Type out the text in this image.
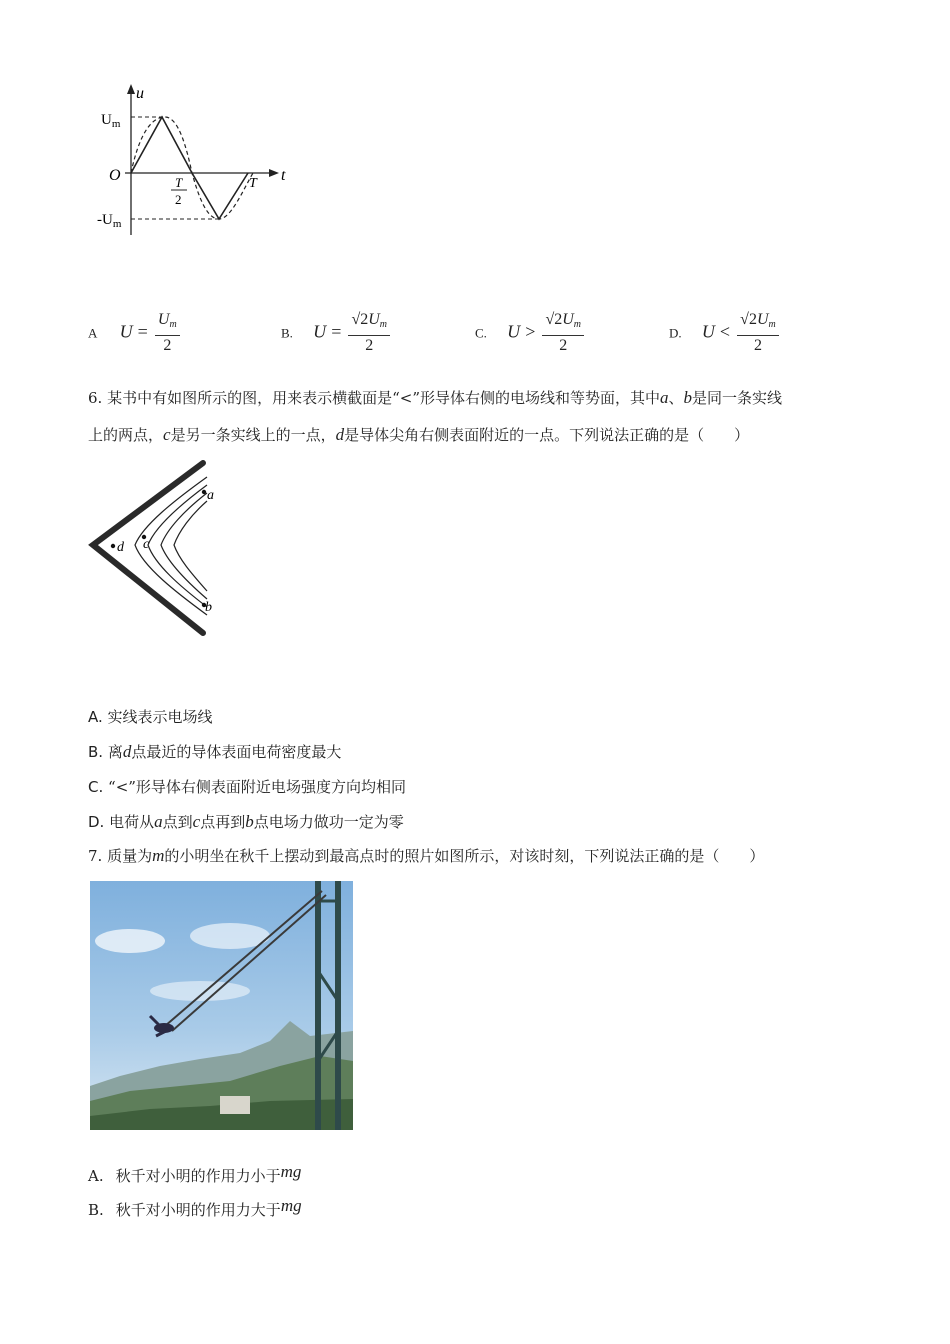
u
t
O
$U_m$
$-U_m$
T
2
T
A $U = \frac{U_m}{2}$	B. $U = \frac{√2U_m}{2}$	C. $U > \frac{√2U_m}{2}$	D. $U < \frac{√2U_m}{2}$
6. 某书中有如图所示的图，用来表示横截面是“<”形导体右侧的电场线和等势面，其中a、b是同一条实线
上的两点，c是另一条实线上的一点，d是导体尖角右侧表面附近的一点。下列说法正确的是（　　）
a
b
c
d
A. 实线表示电场线
B. 离d点最近的导体表面电荷密度最大
C. “<”形导体右侧表面附近电场强度方向均相同
D. 电荷从a点到c点再到b点电场力做功一定为零
7. 质量为m的小明坐在秋千上摆动到最高点时的照片如图所示，对该时刻，下列说法正确的是（　　）
A. 秋千对小明的作用力小于mg
B. 秋千对小明的作用力大于mg
